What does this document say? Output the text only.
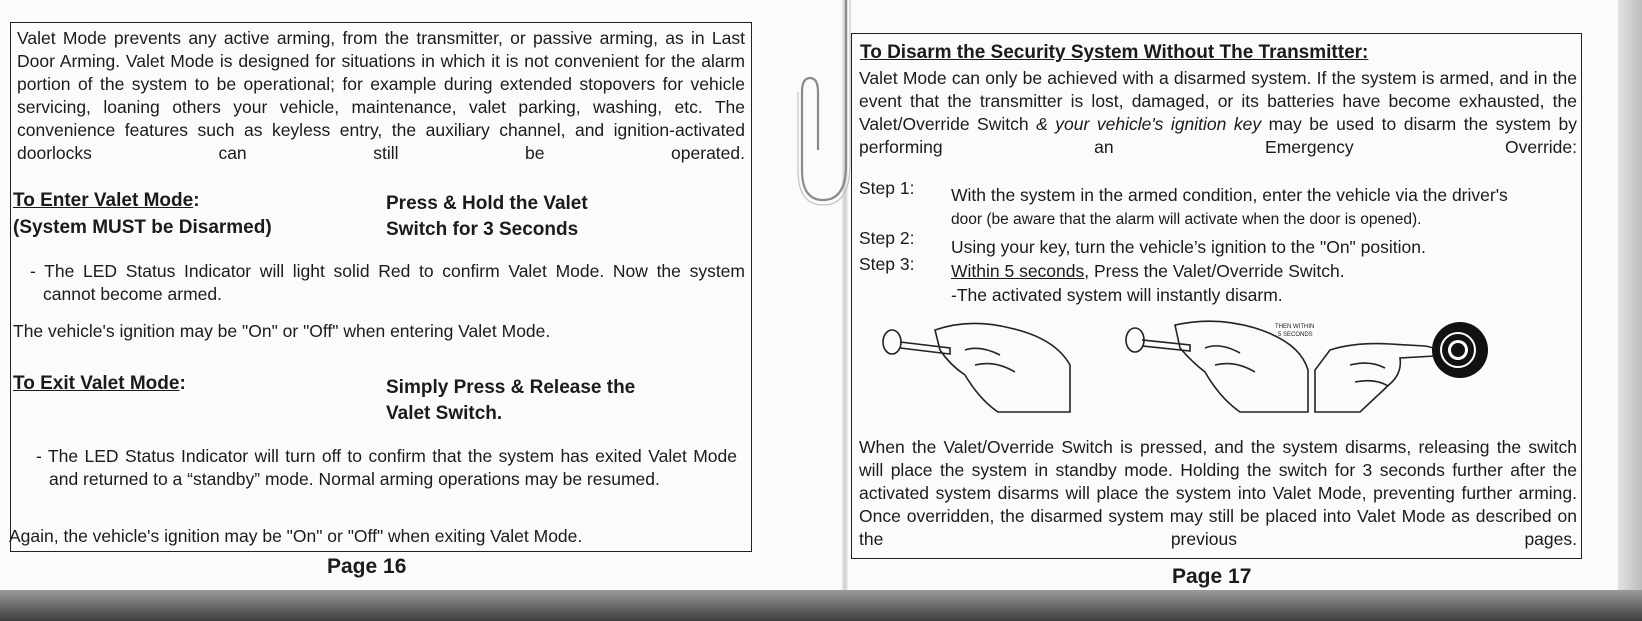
Valet Mode prevents any active arming, from the transmitter, or passive arming, as in Last Door Arming. Valet Mode is designed for situations in which it is not convenient for the alarm portion of the system to be operational; for example during extended stopovers for vehicle servicing, loaning others your vehicle, maintenance, valet parking, washing, etc. The convenience features such as keyless entry, the auxiliary channel, and ignition-activated doorlocks can still be operated.
To Enter Valet Mode:
(System MUST be Disarmed)
Press & Hold the Valet
Switch for 3 Seconds
- The LED Status Indicator will light solid Red to confirm Valet Mode. Now the system cannot become armed.
The vehicle's ignition may be "On" or "Off" when entering Valet Mode.
To Exit Valet Mode:	Simply Press & Release the
Valet Switch.
- The LED Status Indicator will turn off to confirm that the system has exited Valet Mode and returned to a “standby” mode. Normal arming operations may be resumed.
Again, the vehicle's ignition may be "On" or "Off" when exiting Valet Mode.
Page 16
To Disarm the Security System Without The Transmitter:
Valet Mode can only be achieved with a disarmed system. If the system is armed, and in the event that the transmitter is lost, damaged, or its batteries have become exhausted, the Valet/Override Switch & your vehicle's ignition key may be used to disarm the system by performing an Emergency Override:
Step 1: With the system in the armed condition, enter the vehicle via the driver's
door (be aware that the alarm will activate when the door is opened).
Step 2: Using your key, turn the vehicle’s ignition to the "On" position.
Step 3: Within 5 seconds, Press the Valet/Override Switch.
-The activated system will instantly disarm.
THEN WITHIN
5 SECONDS
When the Valet/Override Switch is pressed, and the system disarms, releasing the switch will place the system in standby mode. Holding the switch for 3 seconds further after the activated system disarms will place the system into Valet Mode, preventing further arming. Once overridden, the disarmed system may still be placed into Valet Mode as described on the previous pages.
Page 17
